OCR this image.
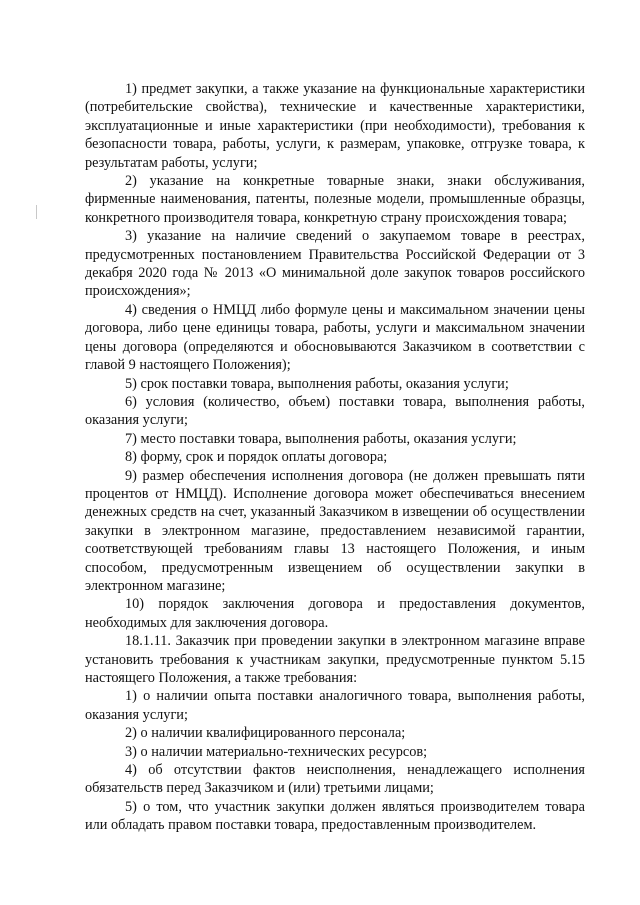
1) предмет закупки, а также указание на функциональные характеристики (потребительские свойства), технические и качественные характеристики, эксплуатационные и иные характеристики (при необходимости), требования к безопасности товара, работы, услуги, к размерам, упаковке, отгрузке товара, к результатам работы, услуги;

2) указание на конкретные товарные знаки, знаки обслуживания, фирменные наименования, патенты, полезные модели, промышленные образцы, конкретного производителя товара, конкретную страну происхождения товара;

3) указание на наличие сведений о закупаемом товаре в реестрах, предусмотренных постановлением Правительства Российской Федерации от 3 декабря 2020 года № 2013 «О минимальной доле закупок товаров российского происхождения»;

4) сведения о НМЦД либо формуле цены и максимальном значении цены договора, либо цене единицы товара, работы, услуги и максимальном значении цены договора (определяются и обосновываются Заказчиком в соответствии с главой 9 настоящего Положения);

5) срок поставки товара, выполнения работы, оказания услуги;

6) условия (количество, объем) поставки товара, выполнения работы, оказания услуги;

7) место поставки товара, выполнения работы, оказания услуги;

8) форму, срок и порядок оплаты договора;

9) размер обеспечения исполнения договора (не должен превышать пяти процентов от НМЦД). Исполнение договора может обеспечиваться внесением денежных средств на счет, указанный Заказчиком в извещении об осуществлении закупки в электронном магазине, предоставлением независимой гарантии, соответствующей требованиям главы 13 настоящего Положения, и иным способом, предусмотренным извещением об осуществлении закупки в электронном магазине;

10) порядок заключения договора и предоставления документов, необходимых для заключения договора.

18.1.11. Заказчик при проведении закупки в электронном магазине вправе установить требования к участникам закупки, предусмотренные пунктом 5.15 настоящего Положения, а также требования:

1) о наличии опыта поставки аналогичного товара, выполнения работы, оказания услуги;

2) о наличии квалифицированного персонала;

3) о наличии материально-технических ресурсов;

4) об отсутствии фактов неисполнения, ненадлежащего исполнения обязательств перед Заказчиком и (или) третьими лицами;

5) о том, что участник закупки должен являться производителем товара или обладать правом поставки товара, предоставленным производителем.
